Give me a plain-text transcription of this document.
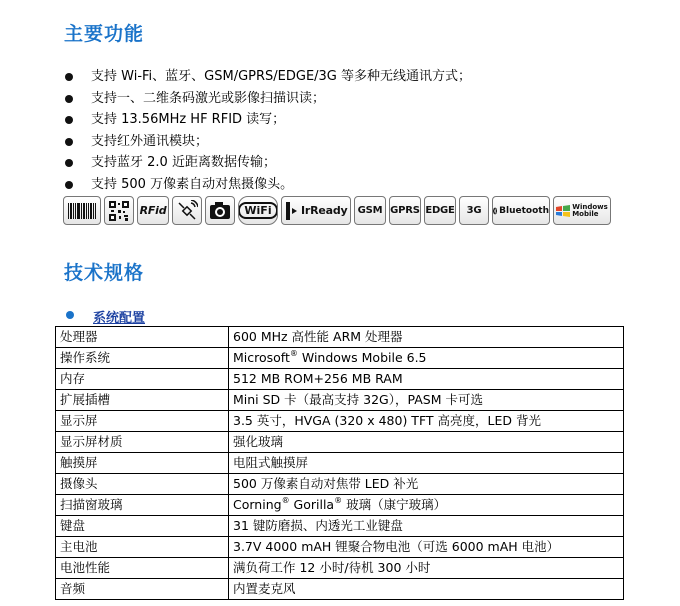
主要功能
支持 Wi-Fi、蓝牙、GSM/GPRS/EDGE/3G 等多种无线通讯方式；
支持一、二维条码激光或影像扫描识读；
支持 13.56MHz HF RFID 读写；
支持红外通讯模块；
支持蓝牙 2.0 近距离数据传输；
支持 500 万像素自动对焦摄像头。
RFid	WiFi	IrReady GSM GPRS EDGE 3G Bluetooth	Windows
Mobile
技术规格
系统配置
处理器	600 MHz 高性能 ARM 处理器
操作系统	Microsoft® Windows Mobile 6.5
内存	512 MB ROM+256 MB RAM
扩展插槽	Mini SD 卡（最高支持 32G），PASM 卡可选
显示屏	3.5 英寸，HVGA (320 x 480) TFT 高亮度，LED 背光
显示屏材质	强化玻璃
触摸屏	电阻式触摸屏
摄像头	500 万像素自动对焦带 LED 补光
扫描窗玻璃	Corning® Gorilla® 玻璃（康宁玻璃）
键盘	31 键防磨损、内透光工业键盘
主电池	3.7V 4000 mAH 锂聚合物电池（可选 6000 mAH 电池）
电池性能	满负荷工作 12 小时/待机 300 小时
音频	内置麦克风
